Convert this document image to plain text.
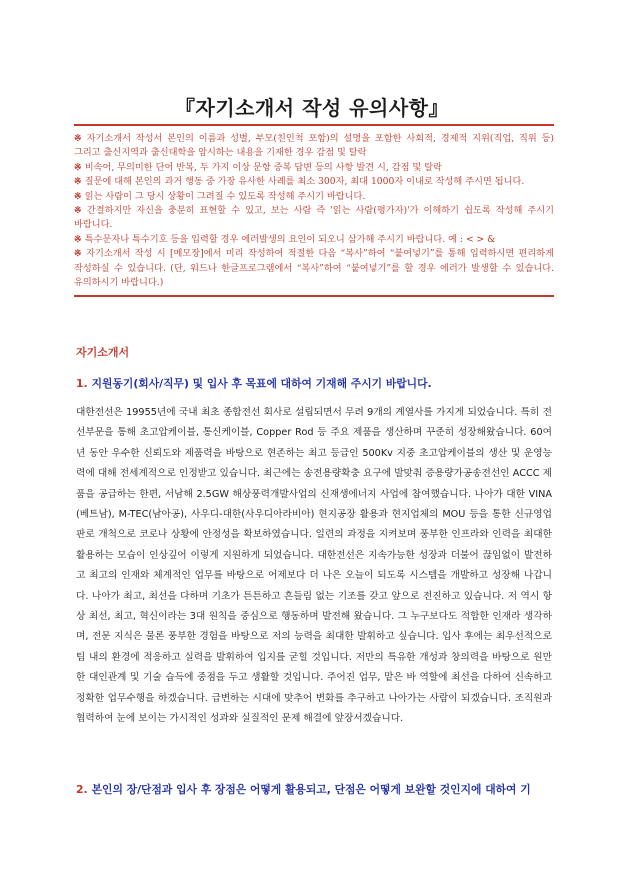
『자기소개서 작성 유의사항』
※ 자기소개서 작성서 본인의 이름과 성별, 부모(친인척 포함)의 설명을 포함한 사회적, 경제적 지위(직업, 직위 등) 그리고 출신지역과 출신대학을 암시하는 내용을 기재한 경우 감점 및 탈락
※ 비속어, 무의미한 단어 반복, 두 가지 이상 문항 중복 답변 등의 사항 발견 시, 감점 및 탈락
※ 질문에 대해 본인의 과거 행동 중 가장 유사한 사례를 최소 300자, 최대 1000자 이내로 작성해 주시면 됩니다.
※ 읽는 사람이 그 당시 상황이 그려질 수 있도록 작성해 주시기 바랍니다.
※ 간결하지만 자신을 충분히 표현할 수 있고, 보는 사람 즉 '읽는 사람(평가자)'가 이해하기 쉽도록 작성해 주시기 바랍니다.
※ 특수문자나 특수기호 등을 입력할 경우 에러발생의 요인이 되오니 삼가해 주시기 바랍니다. 예 : < > &
※ 자기소개서 작성 시 [메모장]에서 미리 작성하여 적절한 다음 “복사”하여 “붙여넣기”를 통해 입력하시면 편리하게 작성하실 수 있습니다. (단, 워드나 한글프로그램에서 “복사”하여 “붙여넣기”를 할 경우 에러가 발생할 수 있습니다. 유의하시기 바랍니다.)
자기소개서
1. 지원동기(회사/직무) 및 입사 후 목표에 대하여 기재해 주시기 바랍니다.
대한전선은 19955년에 국내 최초 종합전선 회사로 설립되면서 무려 9개의 계열사를 가지게 되었습니다. 특히 전선부문을 통해 초고압케이블, 통신케이블, Copper Rod 등 주요 제품을 생산하며 꾸준히 성장해왔습니다. 60여년 동안 우수한 신뢰도와 제품력을 바탕으로 현존하는 최고 등급인 500Kv 지중 초고압케이블의 생산 및 운영능력에 대해 전세계적으로 인정받고 있습니다. 최근에는 송전용량확충 요구에 발맞춰 증용량가공송전선인 ACCC 제품을 공급하는 한편, 서남해 2.5GW 해상풍력개발사업의 신재생에너지 사업에 참여했습니다. 나아가 대한 VINA(베트남), M-TEC(남아공), 사우디-대한(사우디아라비아) 현지공장 활용과 현지업체의 MOU 등을 통한 신규영업판로 개척으로 코로나 상황에 안정성을 확보하였습니다. 일련의 과정을 지켜보며 풍부한 인프라와 인력을 최대한 활용하는 모습이 인상깊어 이렇게 지원하게 되었습니다. 대한전선은 지속가능한 성장과 더불어 끊임없이 발전하고 최고의 인재와 체계적인 업무를 바탕으로 어제보다 더 나은 오늘이 되도록 시스템을 개발하고 성장해 나갑니다. 나아가 최고, 최선을 다하며 기초가 튼튼하고 흔들림 없는 기조를 갖고 앞으로 전진하고 있습니다. 저 역시 항상 최선, 최고, 혁신이라는 3대 원칙을 중심으로 행동하며 발전해 왔습니다. 그 누구보다도 적합한 인재라 생각하며, 전문 지식은 물론 풍부한 경험을 바탕으로 저의 능력을 최대한 발휘하고 싶습니다. 입사 후에는 최우선적으로 팀 내의 환경에 적응하고 실력을 발휘하여 입지를 굳힐 것입니다. 저만의 특유한 개성과 창의력을 바탕으로 원만한 대인관계 및 기술 습득에 중점을 두고 생활할 것입니다. 주어진 업무, 맡은 바 역할에 최선을 다하여 신속하고 정확한 업무수행을 하겠습니다. 급변하는 시대에 맞추어 변화를 추구하고 나아가는 사람이 되겠습니다. 조직원과 협력하여 눈에 보이는 가시적인 성과와 실질적인 문제 해결에 앞장서겠습니다.
2. 본인의 장/단점과 입사 후 장점은 어떻게 활용되고, 단점은 어떻게 보완할 것인지에 대하여 기
